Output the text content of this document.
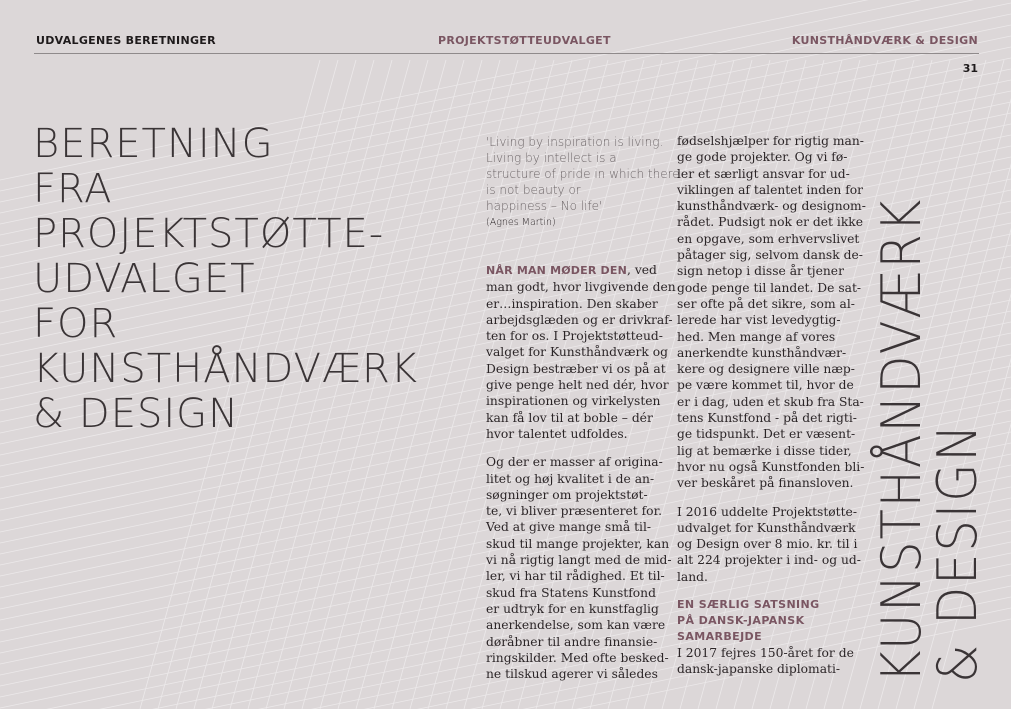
UDVALGENES BERETNINGER	PROJEKTSTØTTEUDVALGET	KUNSTHÅNDVÆRK & DESIGN
31
BERETNING
FRA
PROJEKTSTØTTE-
UDVALGET
FOR
KUNSTHÅNDVÆRK
& DESIGN
'Living by inspiration is living.
Living by intellect is a
structure of pride in which there
is not beauty or
happiness – No life'
(Agnes Martin)

NÅR MAN MØDER DEN, ved
man godt, hvor livgivende den
er…inspiration. Den skaber
arbejdsglæden og er drivkraf-
ten for os. I Projektstøtteud-
valget for Kunsthåndværk og
Design bestræber vi os på at
give penge helt ned dér, hvor
inspirationen og virkelysten
kan få lov til at boble – dér
hvor talentet udfoldes.

Og der er masser af origina-
litet og høj kvalitet i de an-
søgninger om projektstøt-
te, vi bliver præsenteret for.
Ved at give mange små til-
skud til mange projekter, kan
vi nå rigtig langt med de mid-
ler, vi har til rådighed. Et til-
skud fra Statens Kunstfond
er udtryk for en kunstfaglig
anerkendelse, som kan være
døråbner til andre finansie-
ringskilder. Med ofte besked-
ne tilskud agerer vi således

fødselshjælper for rigtig man-
ge gode projekter. Og vi fø-
ler et særligt ansvar for ud-
viklingen af talentet inden for
kunsthåndværk- og designom-
rådet. Pudsigt nok er det ikke
en opgave, som erhvervslivet
påtager sig, selvom dansk de-
sign netop i disse år tjener
gode penge til landet. De sat-
ser ofte på det sikre, som al-
lerede har vist levedygtig-
hed. Men mange af vores
anerkendte kunsthåndvær-
kere og designere ville næp-
pe være kommet til, hvor de
er i dag, uden et skub fra Sta-
tens Kunstfond - på det rigti-
ge tidspunkt. Det er væsent-
lig at bemærke i disse tider,
hvor nu også Kunstfonden bli-
ver beskåret på finansloven.

I 2016 uddelte Projektstøtte-
udvalget for Kunsthåndværk
og Design over 8 mio. kr. til i
alt 224 projekter i ind- og ud-
land.

EN SÆRLIG SATSNING
PÅ DANSK-JAPANSK
SAMARBEJDE

I 2017 fejres 150-året for de
dansk-japanske diplomati- KUNSTHÅNDVÆRK
& DESIGN
